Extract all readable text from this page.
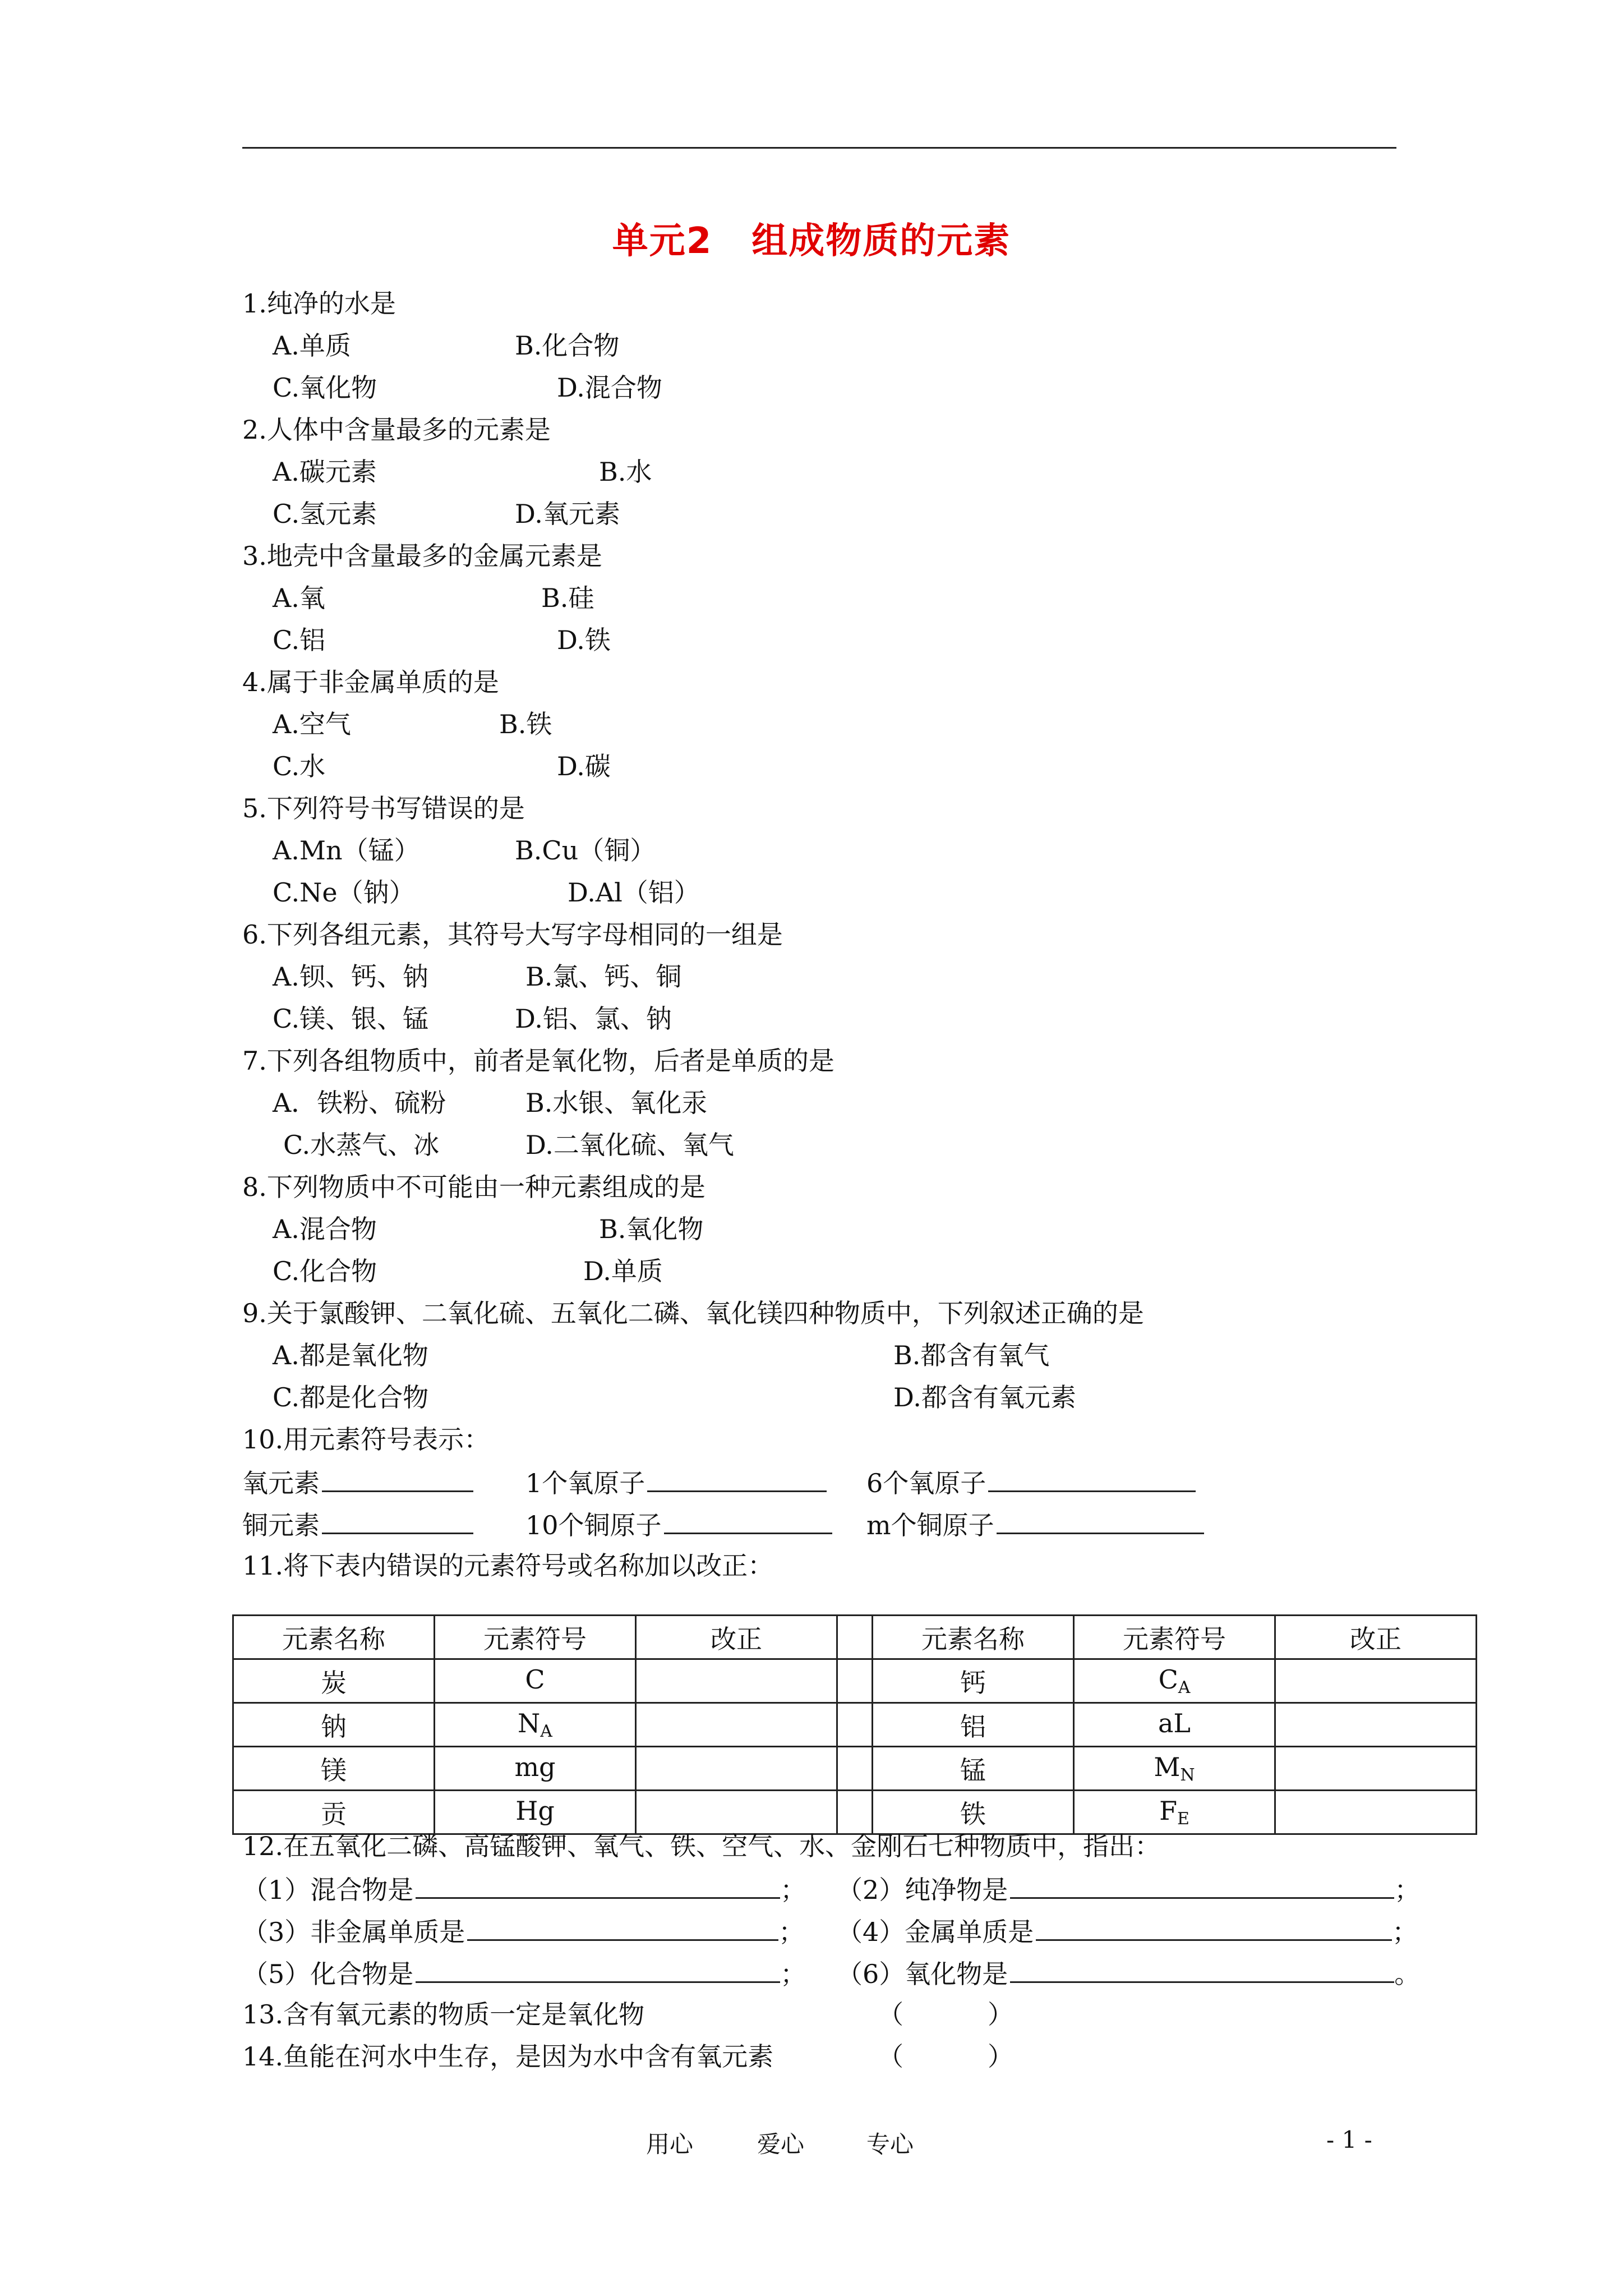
单元2 组成物质的元素
1.纯净的水是
A.单质	B.化合物
C.氧化物	D.混合物
2.人体中含量最多的元素是
A.碳元素	B.水
C.氢元素	D.氧元素
3.地壳中含量最多的金属元素是
A.氧	B.硅
C.铝	D.铁
4.属于非金属单质的是
A.空气	B.铁
C.水	D.碳
5.下列符号书写错误的是
A.Mn（锰）	B.Cu（铜）
C.Ne（钠）	D.Al（铝）
6.下列各组元素，其符号大写字母相同的一组是
A.钡、钙、钠	B.氯、钙、铜
C.镁、银、锰	D.铝、氯、钠
7.下列各组物质中，前者是氧化物，后者是单质的是
A．铁粉、硫粉	B.水银、氧化汞
C.水蒸气、冰	D.二氧化硫、氧气
8.下列物质中不可能由一种元素组成的是
A.混合物	B.氧化物
C.化合物	D.单质
9.关于氯酸钾、二氧化硫、五氧化二磷、氧化镁四种物质中，下列叙述正确的是
A.都是氧化物	B.都含有氧气
C.都是化合物	D.都含有氧元素
10.用元素符号表示：
氧元素	1个氧原子	6个氧原子
铜元素	10个铜原子	m个铜原子
11.将下表内错误的元素符号或名称加以改正：
元素名称	元素符号	改正		元素名称	元素符号	改正
炭	C			钙	$C_A$	
钠	$N_A$			铝	aL	
镁	mg			锰	$M_N$	
贡	Hg			铁	$F_E$	
12.在五氧化二磷、高锰酸钾、氧气、铁、空气、水、金刚石七种物质中，指出：
（1）混合物是	； （2）纯净物是	；
（3）非金属单质是	； （4）金属单质是	；
（5）化合物是	； （6）氧化物是	。
13.含有氧元素的物质一定是氧化物	（	）
14.鱼能在河水中生存，是因为水中含有氧元素	（	）
用心	爱心	专心	- 1 -
